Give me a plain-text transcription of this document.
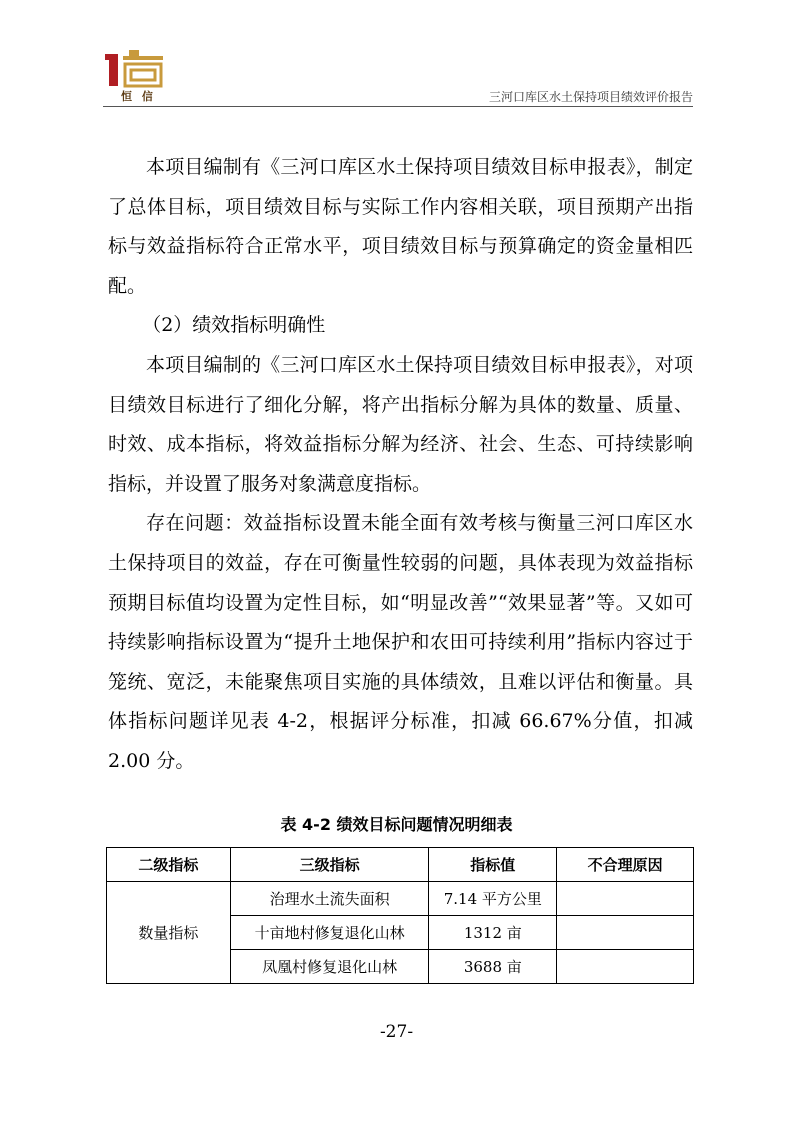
恒 信	三河口库区水土保持项目绩效评价报告

本项目编制有《三河口库区水土保持项目绩效目标申报表》，制定了总体目标，项目绩效目标与实际工作内容相关联，项目预期产出指标与效益指标符合正常水平，项目绩效目标与预算确定的资金量相匹配。

（2）绩效指标明确性

本项目编制的《三河口库区水土保持项目绩效目标申报表》，对项目绩效目标进行了细化分解，将产出指标分解为具体的数量、质量、时效、成本指标，将效益指标分解为经济、社会、生态、可持续影响指标，并设置了服务对象满意度指标。

存在问题：效益指标设置未能全面有效考核与衡量三河口库区水土保持项目的效益，存在可衡量性较弱的问题，具体表现为效益指标预期目标值均设置为定性目标，如“明显改善”“效果显著”等。又如可持续影响指标设置为“提升土地保护和农田可持续利用”指标内容过于笼统、宽泛，未能聚焦项目实施的具体绩效，且难以评估和衡量。具体指标问题详见表 4-2，根据评分标准，扣减 66.67%分值，扣减 2.00 分。

表 4-2 绩效目标问题情况明细表
二级指标	三级指标	指标值	不合理原因
数量指标	治理水土流失面积	7.14 平方公里	
	十亩地村修复退化山林	1312 亩	
	凤凰村修复退化山林	3688 亩	
-27-
